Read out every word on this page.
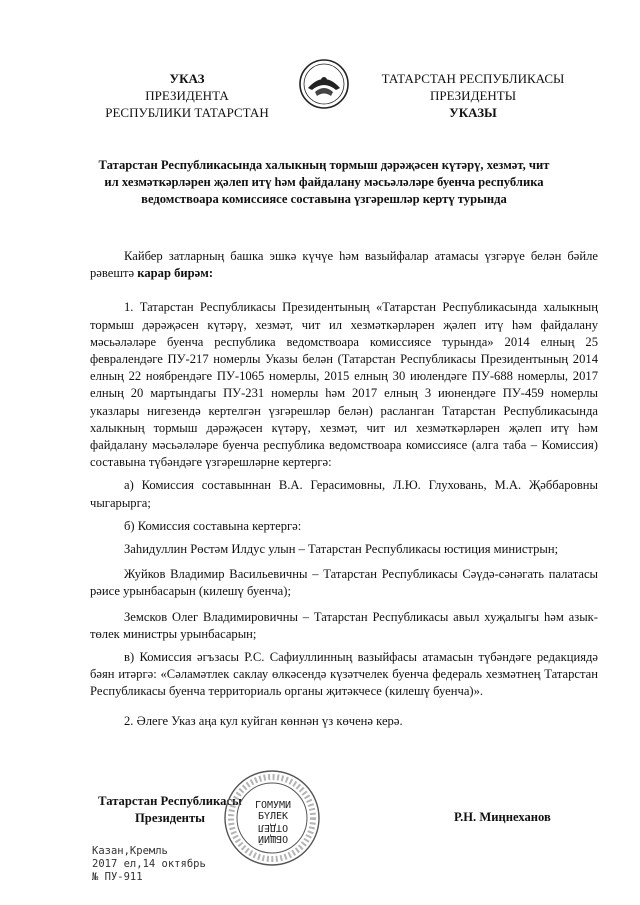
УКАЗ
ПРЕЗИДЕНТА
РЕСПУБЛИКИ ТАТАРСТАН
ТАТАРСТАН РЕСПУБЛИКАСЫ
ПРЕЗИДЕНТЫ
УКАЗЫ
Татарстан Республикасында халыкның тормыш дәрәҗәсен күтәрү, хезмәт, чит ил хезмәткәрләрен җәлеп итү һәм файдалану мәсьәләләре буенча республика ведомствоара комиссиясе составына үзгәрешләр кертү турында

Кайбер затларның башка эшкә күчүе һәм вазыйфалар атамасы үзгәрүе белән бәйле рәвештә карар бирәм:

1. Татарстан Республикасы Президентының «Татарстан Республикасында халыкның тормыш дәрәҗәсен күтәрү, хезмәт, чит ил хезмәткәрләрен җәлеп итү һәм файдалану мәсьәләләре буенча республика ведомствоара комиссиясе турында» 2014 елның 25 февралендәге ПУ-217 номерлы Указы белән (Татарстан Республикасы Президентының 2014 елның 22 ноябрендәге ПУ-1065 номерлы, 2015 елның 30 июлендәге ПУ-688 номерлы, 2017 елның 20 мартындагы ПУ-231 номерлы һәм 2017 елның 3 июнендәге ПУ-459 номерлы указлары нигезендә кертелгән үзгәрешләр белән) расланган Татарстан Республикасында халыкның тормыш дәрәҗәсен күтәрү, хезмәт, чит ил хезмәткәрләрен җәлеп итү һәм файдалану мәсьәләләре буенча республика ведомствоара комиссиясе (алга таба – Комиссия) составына түбәндәге үзгәрешләрне кертергә:

а) Комиссия составыннан В.А. Герасимовны, Л.Ю. Глуховань, М.А. Җәббаровны чыгарырга;

б) Комиссия составына кертергә:

Заһидуллин Рөстәм Илдус улын – Татарстан Республикасы юстиция министрын;

Жуйков Владимир Васильевичны – Татарстан Республикасы Сәүдә-сәнәгать палатасы рәисе урынбасарын (килешү буенча);

Земсков Олег Владимировичны – Татарстан Республикасы авыл хуҗалыгы һәм азык-төлек министры урынбасарын;

в) Комиссия әгъзасы Р.С. Сафиуллинның вазыйфасы атамасын түбәндәге редакциядә бәян итәргә: «Сәламәтлек саклау өлкәсендә күзәтчелек буенча федераль хезмәтнең Татарстан Республикасы буенча территориаль органы җитәкчесе (килешү буенча)».

2. Әлеге Указ аңа кул куйган көннән үз көченә керә.

Татарстан Республикасы
Президенты
ГОМУМИ
БҮЛЕК
ОТДЕЛ
ОБЩИЙ
Р.Н. Миңнеханов
Казан,Кремль
2017 ел,14 октябрь
№ ПУ-911
